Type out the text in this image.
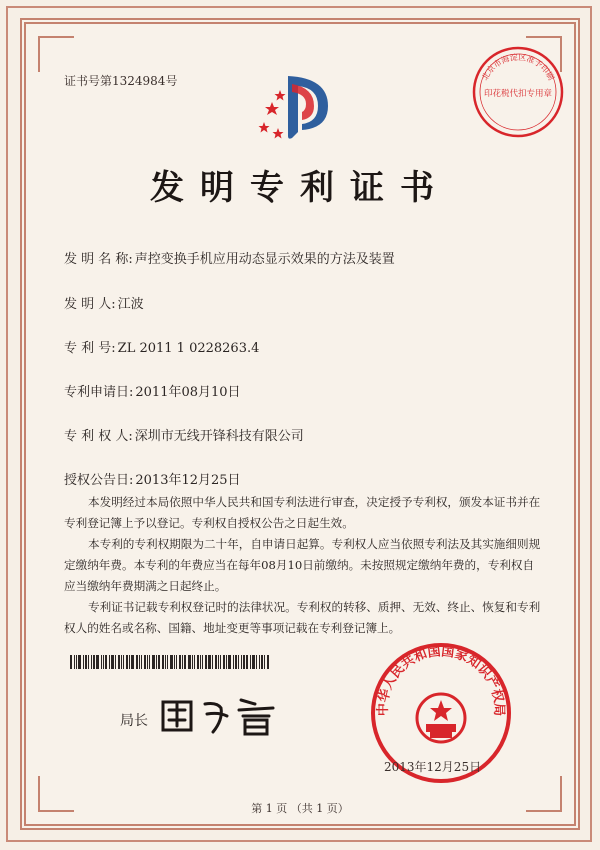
北京市海淀区准予印刷
印花税代扣专用章
证书号第1324984号
发明专利证书
发 明 名 称: 声控变换手机应用动态显示效果的方法及装置
发 明 人: 江波
专 利 号: ZL 2011 1 0228263.4
专利申请日: 2011年08月10日
专 利 权 人: 深圳市无线开锋科技有限公司
授权公告日: 2013年12月25日

本发明经过本局依照中华人民共和国专利法进行审查，决定授予专利权，颁发本证书并在专利登记簿上予以登记。专利权自授权公告之日起生效。

本专利的专利权期限为二十年，自申请日起算。专利权人应当依照专利法及其实施细则规定缴纳年费。本专利的年费应当在每年08月10日前缴纳。未按照规定缴纳年费的，专利权自应当缴纳年费期满之日起终止。

专利证书记载专利权登记时的法律状况。专利权的转移、质押、无效、终止、恢复和专利权人的姓名或名称、国籍、地址变更等事项记载在专利登记簿上。

局长
中华人民共和国国家知识产权局
2013年12月25日
第 1 页 （共 1 页）
